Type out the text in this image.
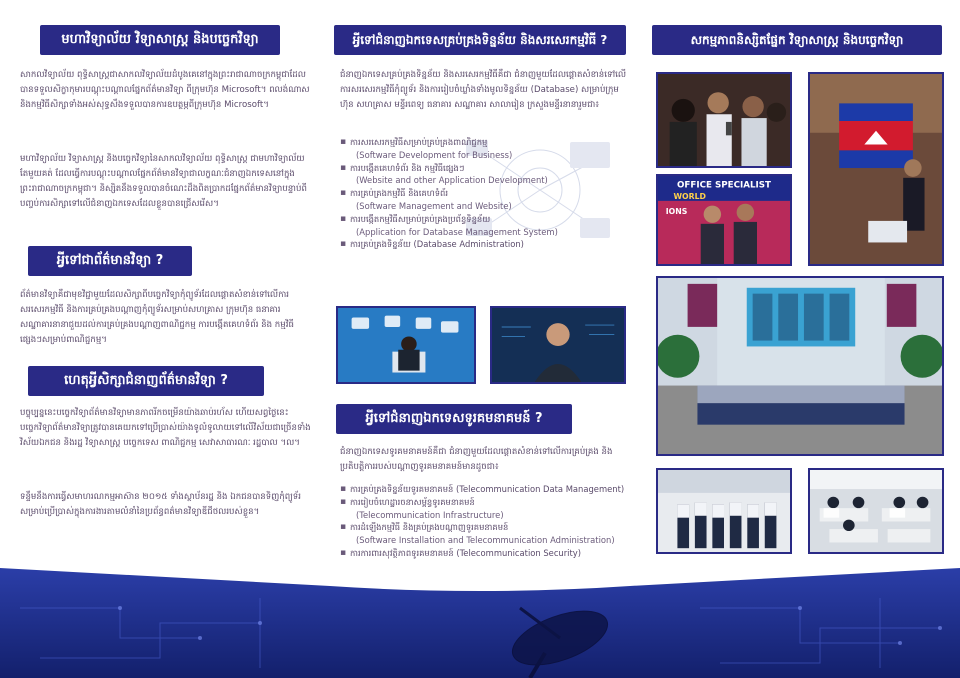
មហាវិទ្យាល័យ វិទ្យាសាស្ត្រ និងបច្ចេកវិទ្យា
សាកលវិទ្យាល័យ ពុទ្ធិសាស្ត្រជាសាកលវិទ្យាល័យដំបូងគេនៅក្នុងព្រះរាជាណាចក្រកម្ពុជាដែលបានទទួលសិក្ខាកុមារបណ្តុះបណ្តាលផ្នែកព័ត៌មានវិទ្យា ពីក្រុមហ៊ុន Microsoft។ ពលង់ណាស និងកម្មវិធីសិក្សាទាំងអស់សុទ្ធសឹងទទួលបានការឧបត្ថម្ភពីក្រុមហ៊ុន Microsoft។
មហាវិទ្យាល័យ វិទ្យាសាស្ត្រ និងបច្ចេកវិទ្យានៃសាកលវិទ្យាល័យ ពុទ្ធិសាស្ត្រ ជាមហាវិទ្យាល័យតែមួយគត់ ដែលធ្វើការបណ្តុះបណ្តាលផ្នែកព័ត៌មានវិទ្យាជាលក្ខណៈជំនាញឯកទេសនៅក្នុងព្រះរាជាណាចក្រកម្ពុជា។ និស្សិតនឹងទទួលបានចំណេះដឹងពិតប្រាកដផ្នែកព័ត៌មានវិទ្យាបន្ទាប់ពីបញ្ចប់ការសិក្សាទៅលើជំនាញឯកទេសដែលខ្លួនបានជ្រើសរើស។
អ្វីទៅជាព័ត៌មានវិទ្យា ?
ព័ត៌មានវិទ្យាគឺជាមុខវិជ្ជាមួយដែលសិក្សាពីបច្ចេកវិទ្យាកុំព្យូទ័រដែលផ្តោតសំខាន់ទៅលើការសរសេរកម្មវិធី និងការគ្រប់គ្រងបណ្តាញកុំព្យូទ័រសម្រាប់សហគ្រាស ក្រុមហ៊ុន ធនាគារ សណ្ឋាគារនានាជួយដល់ការគ្រប់គ្រងបណ្តាញពាណិជ្ជកម្ម ការបង្កើតគេហទំព័រ និង កម្មវិធីផ្សេងៗសម្រាប់ពាណិជ្ជកម្ម។
ហេតុអ្វីសិក្សាជំនាញព័ត៌មានវិទ្យា ?
បច្ចុប្បន្ននេះបច្ចេកវិទ្យាព័ត៌មានវិទ្យាមានភាពរីកចម្រើនយ៉ាងឆាប់រហ័ស ហើយសព្វថ្ងៃនេះបច្ចេកវិទ្យាព័ត៌មានវិទ្យាត្រូវបានគេយកទៅប្រើប្រាស់យ៉ាងទូលំទូលាយទៅលើវិស័យជាច្រើនទាំងវិស័យឯកជន និងរដ្ឋ វិទ្យាសាស្ត្រ បច្ចេកទេស ពាណិជ្ជកម្ម សេវាសាធារណៈ រដ្ឋបាល ។ល។
ទន្ទឹមនឹងការធ្វើសមាហរណកម្មអាស៊ាន ២០១៥ ទាំងស្ថាប័នរដ្ឋ និង ឯកជនបានទិញកុំព្យូទ័រសម្រាប់ប្រើប្រាស់ក្នុងការងារតាមលំនាំនៃប្រព័ន្ធពត៌មានវិទ្យាឌីជីថលរបស់ខ្លួន។
អ្វីទៅជំនាញឯកទេសគ្រប់គ្រងទិន្នន័យ និងសរសេរកម្មវិធី ?
ជំនាញឯកទេសគ្រប់គ្រងទិន្នន័យ និងសរសេរកម្មវិធីគឺជា ជំនាញមួយដែលផ្តោតសំខាន់ទៅលើការសរសេរកម្មវិធីកុំព្យូទ័រ និងការរៀបចំឃ្លាំងទាំងមូលទិន្នន័យ (Database) សម្រាប់ក្រុមហ៊ុន សហគ្រាស មន្ទីរពេទ្យ ធនាគារ សណ្ឋាគារ សាលារៀន ក្រសួងមន្ទីរនានារួមជា៖
▪ ការសរសេរកម្មវិធីសម្រាប់គ្រប់គ្រងពាណិជ្ជកម្ម
(Software Development for Business)
▪ ការបង្កើតគេហទំព័រ និង កម្មវិធីផ្សេងៗ
(Website and other Application Development)
▪ ការគ្រប់គ្រងកម្មវិធី និងគេហទំព័រ
(Software Management and Website)
▪ ការបង្កើតកម្មវិធីសម្រាប់គ្រប់គ្រងប្រព័ន្ធទិន្នន័យ
(Application for Database Management System)
▪ ការគ្រប់គ្រងទិន្នន័យ (Database Administration)
អ្វីទៅជំនាញឯកទេសទូរគមនាគមន៍ ?
ជំនាញឯកទេសទូរគមនាគមន៍គឺជា ជំនាញមួយដែលផ្តោតសំខាន់ទៅលើការគ្រប់គ្រង និងប្រតិបត្តិការរបស់បណ្តាញទូរគមនាគមន៍មានដូចជា៖
▪ ការគ្រប់គ្រងទិន្នន័យទូរគមនាគមន៍ (Telecommunication Data Management)
▪ ការរៀបចំហេដ្ឋារចនាសម្ព័ន្ធទូរគមនាគមន៍
(Telecommunication Infrastructure)
▪ ការដំឡើងកម្មវិធី និងគ្រប់គ្រងបណ្តាញទូរគមនាគមន៍
(Software Installation and Telecommunication Administration)
▪ ការការពារសុវត្ថិភាពទូរគមនាគមន៍ (Telecommunication Security)
សកម្មភាពនិស្សិតផ្នែក វិទ្យាសាស្ត្រ និងបច្ចេកវិទ្យា
OFFICE SPECIALIST
WORLD
IONS
